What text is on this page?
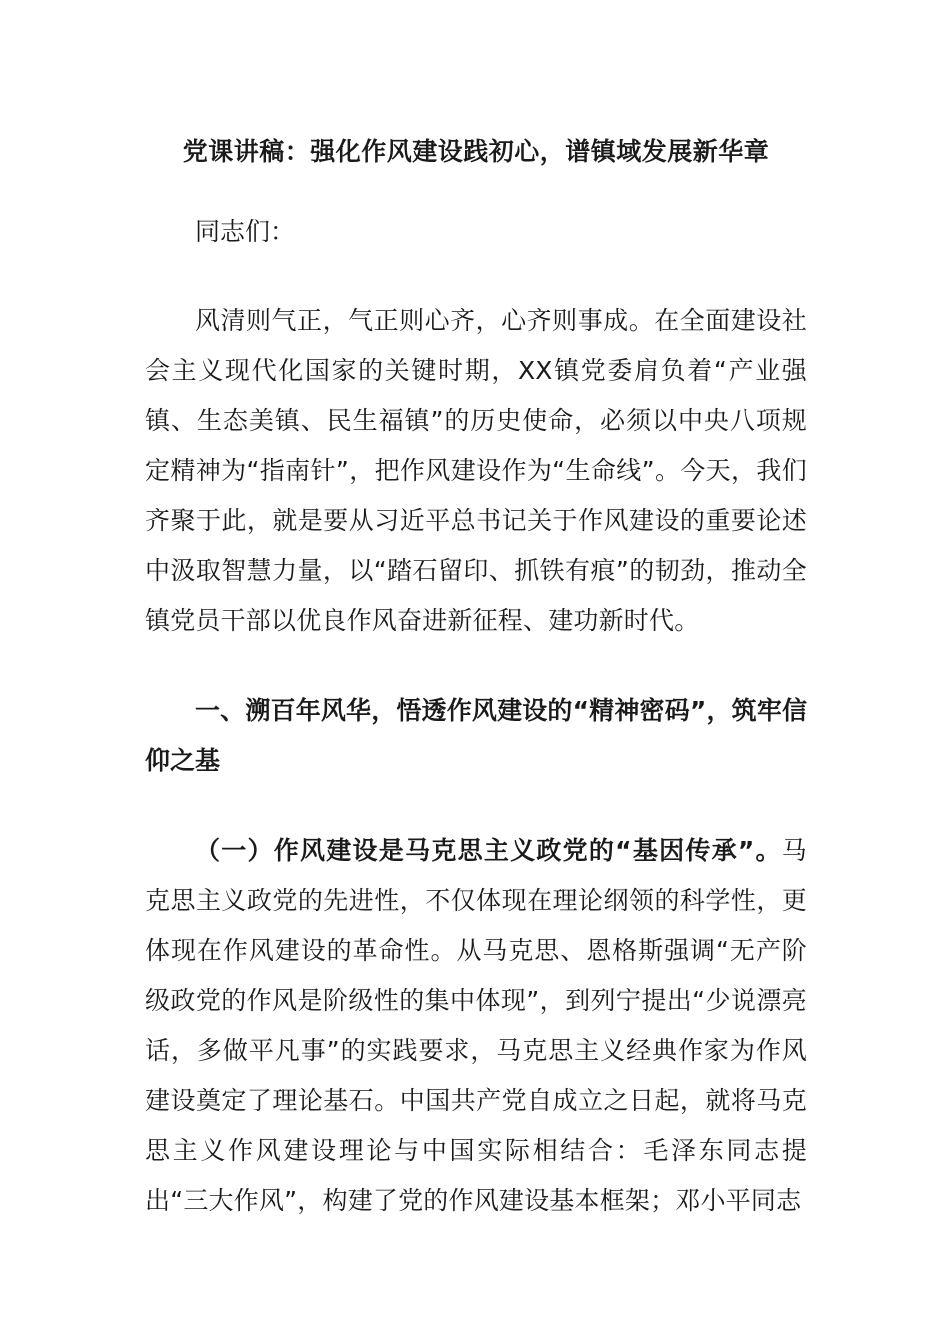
党课讲稿：强化作风建设践初心，谱镇域发展新华章

同志们：

风清则气正，气正则心齐，心齐则事成。在全面建设社会主义现代化国家的关键时期，XX镇党委肩负着“产业强镇、生态美镇、民生福镇”的历史使命，必须以中央八项规定精神为“指南针”，把作风建设作为“生命线”。今天，我们齐聚于此，就是要从习近平总书记关于作风建设的重要论述中汲取智慧力量，以“踏石留印、抓铁有痕”的韧劲，推动全镇党员干部以优良作风奋进新征程、建功新时代。

一、溯百年风华，悟透作风建设的“精神密码”，筑牢信仰之基

（一）作风建设是马克思主义政党的“基因传承”。马克思主义政党的先进性，不仅体现在理论纲领的科学性，更体现在作风建设的革命性。从马克思、恩格斯强调“无产阶级政党的作风是阶级性的集中体现”，到列宁提出“少说漂亮话，多做平凡事”的实践要求，马克思主义经典作家为作风建设奠定了理论基石。中国共产党自成立之日起，就将马克思主义作风建设理论与中国实际相结合：毛泽东同志提出“三大作风”，构建了党的作风建设基本框架；邓小平同志
